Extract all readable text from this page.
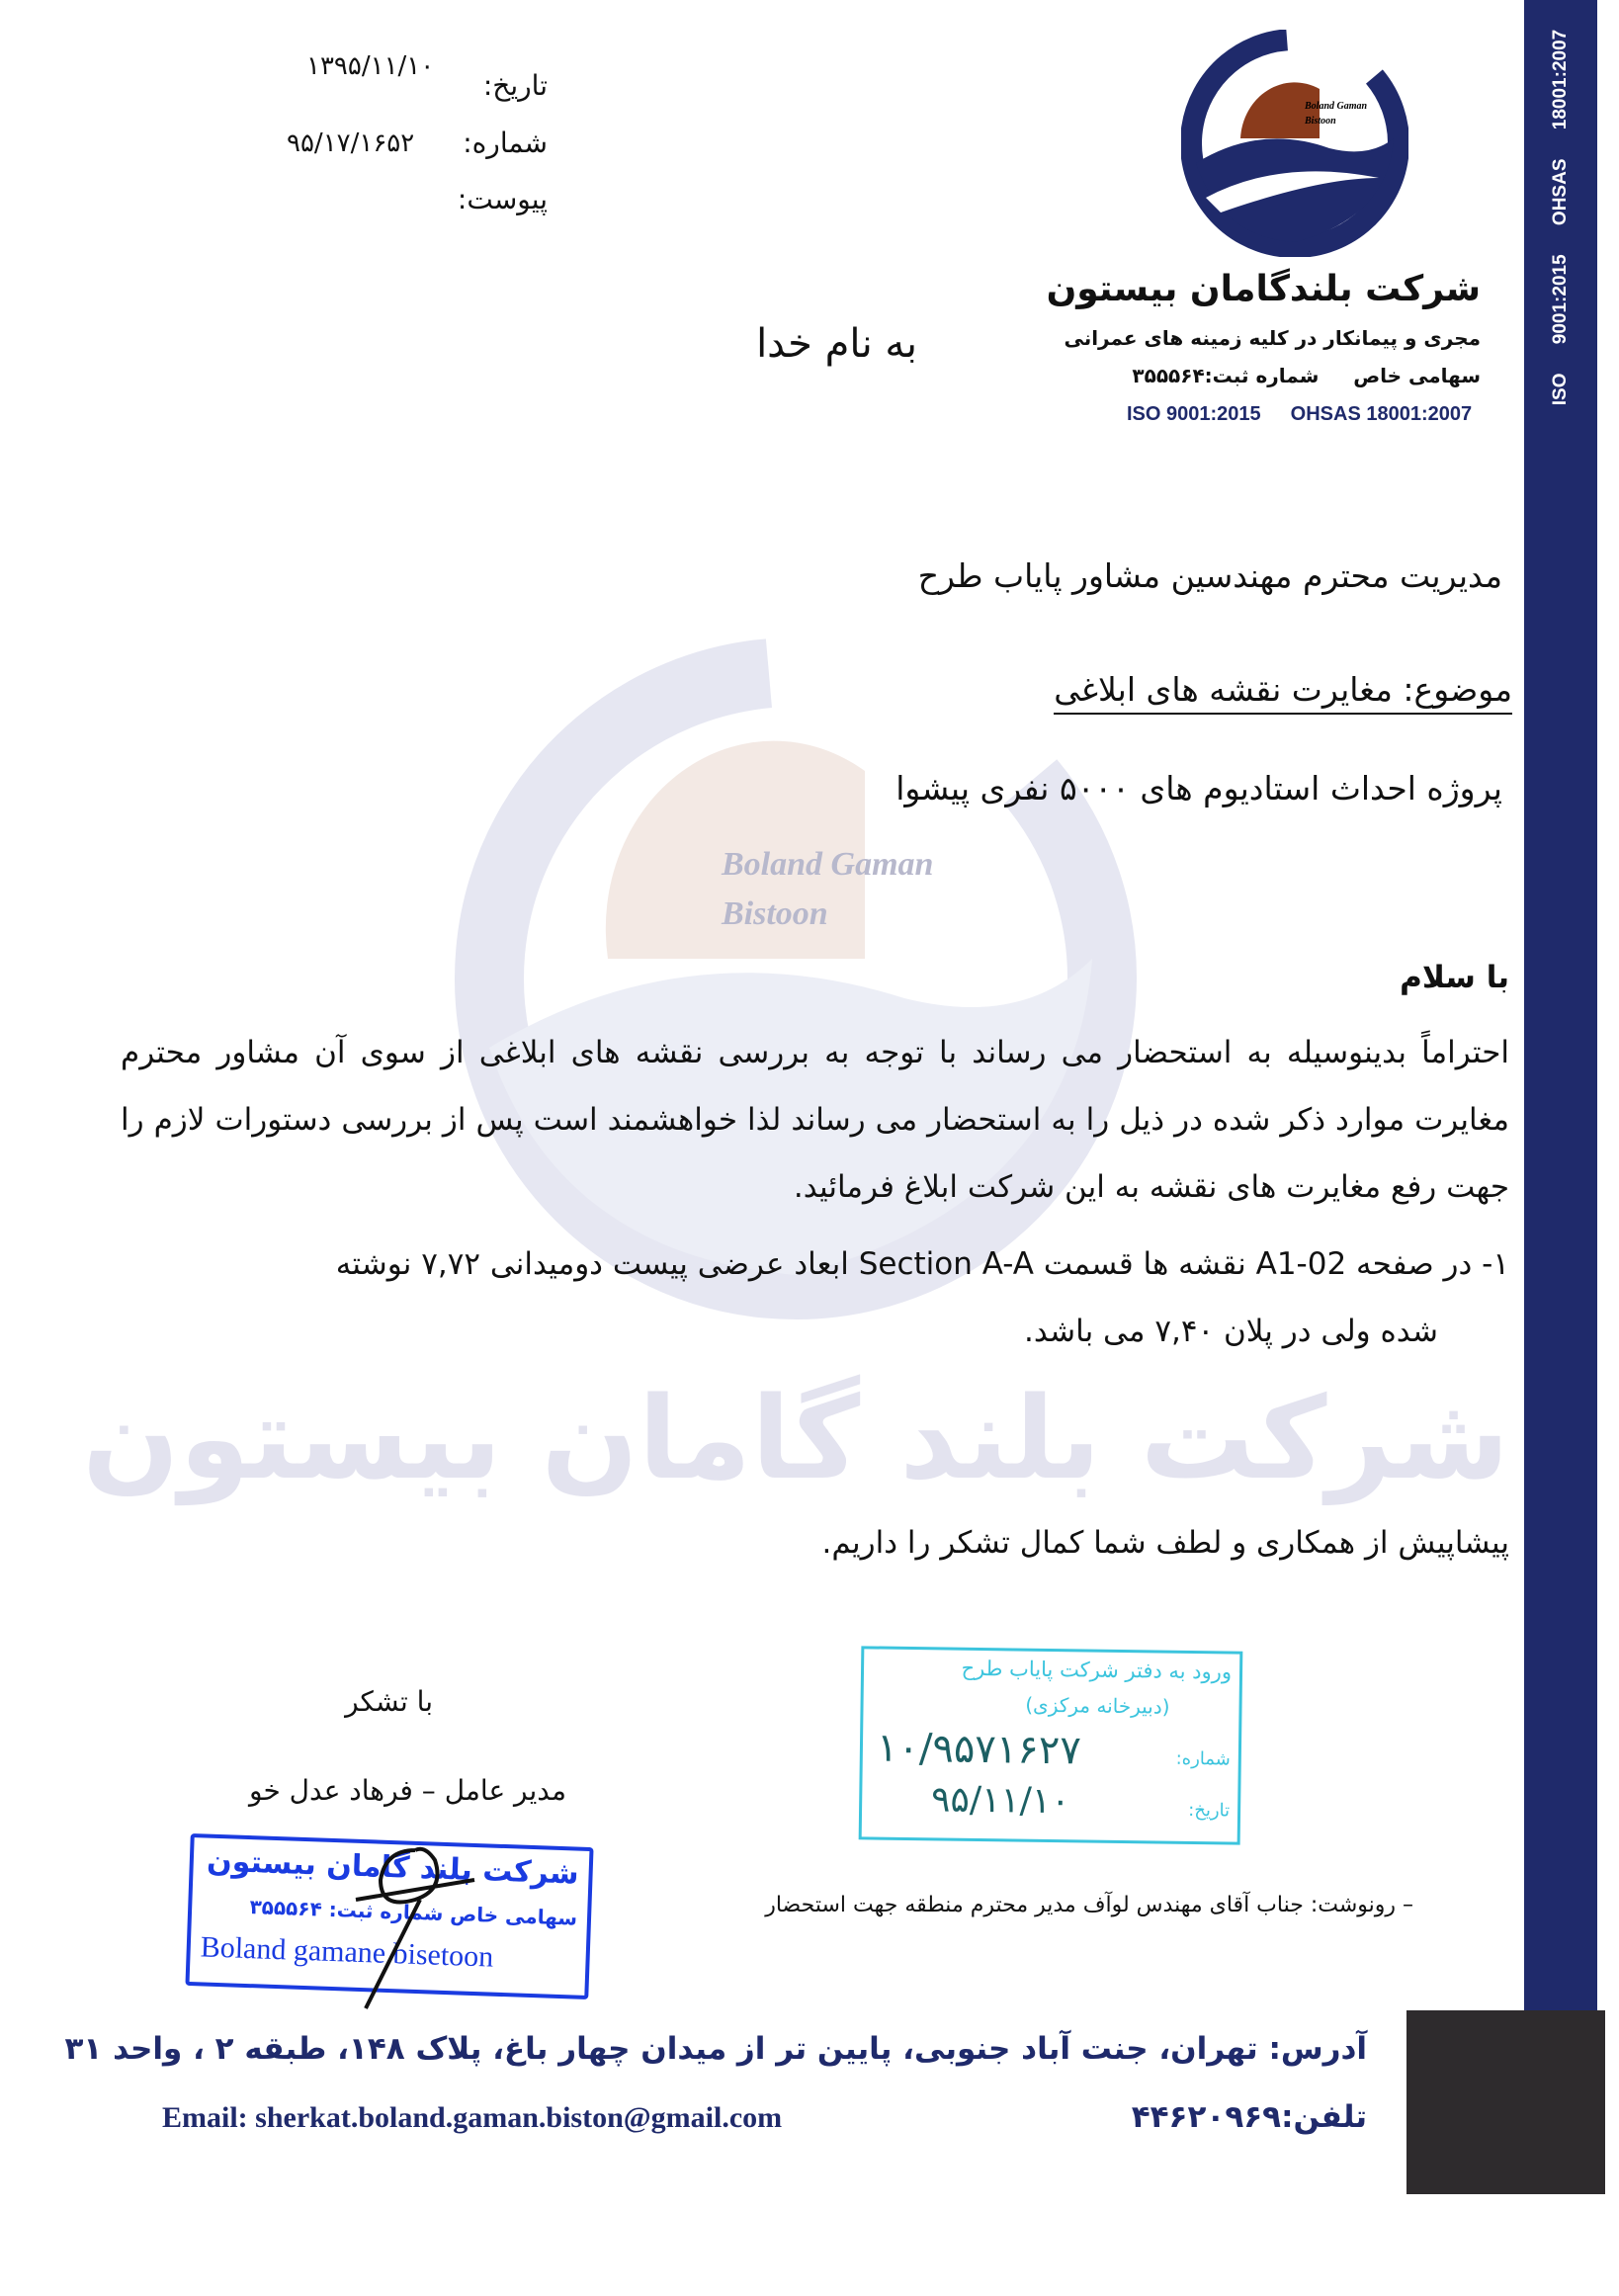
ISO 9001:2015 OHSAS 18001:2007
تاریخ:
۱۳۹۵/۱۱/۱۰
شماره:
۹۵/۱۷/۱۶۵۲
پیوست:
Boland Gaman
Bistoon
شرکت بلندگامان بیستون
مجری و پیمانکار در کلیه زمینه های عمرانی
سهامی خاص     شماره ثبت:۳۵۵۵۶۴
ISO 9001:2015 OHSAS 18001:2007
Boland Gaman
Bistoon
به نام خدا
مدیریت محترم مهندسین مشاور پایاب طرح
موضوع: مغایرت نقشه های ابلاغی
پروژه احداث استادیوم های ۵۰۰۰ نفری پیشوا
با سلام
احتراماً بدینوسیله به استحضار می رساند با توجه به بررسی نقشه های ابلاغی از سوی آن مشاور محترم مغایرت موارد ذکر شده در ذیل را به استحضار می رساند لذا خواهشمند است پس از بررسی دستورات لازم را جهت رفع مغایرت های نقشه به این شرکت ابلاغ فرمائید.
۱- در صفحه A1-02 نقشه ها قسمت Section A-A ابعاد عرضی پیست دومیدانی ۷,۷۲ نوشته
شده ولی در پلان ۷,۴۰ می باشد.
شرکت بلند گامان بیستون
پیشاپیش از همکاری و لطف شما کمال تشکر را داریم.
ورود به دفتر شرکت پایاب طرح
(دبیرخانه مرکزی)
شماره:
۱۰/۹۵۷۱۶۲۷
تاریخ:
۹۵/۱۱/۱۰
با تشکر
مدیر عامل – فرهاد عدل خو
شرکت بلند گامان بیستون
سهامی خاص شماره ثبت: ۳۵۵۵۶۴
Boland gamane bisetoon
– رونوشت: جناب آقای مهندس لوآف مدیر محترم منطقه جهت استحضار
آدرس: تهران، جنت آباد جنوبی، پایین تر از میدان چهار باغ، پلاک ۱۴۸، طبقه ۲ ، واحد ۳۱
تلفن:۴۴۶۲۰۹۶۹
Email: sherkat.boland.gaman.biston@gmail.com
